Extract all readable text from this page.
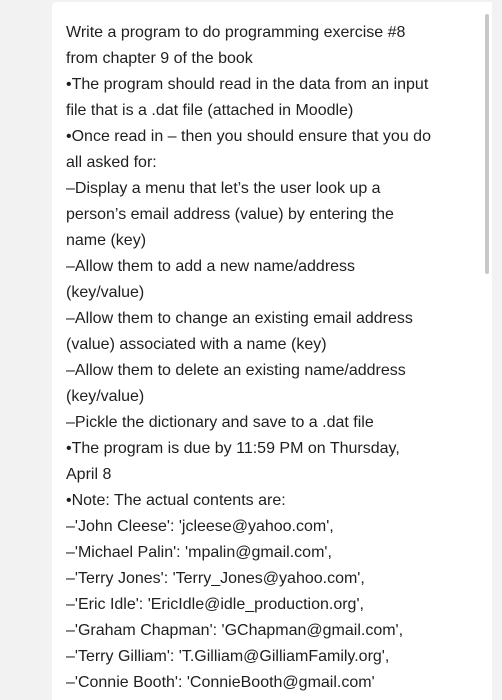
Write a program to do programming exercise #8
from chapter 9 of the book
•The program should read in the data from an input
file that is a .dat file (attached in Moodle)
•Once read in – then you should ensure that you do
all asked for:
–Display a menu that let’s the user look up a
person’s email address (value) by entering the
name (key)
–Allow them to add a new name/address
(key/value)
–Allow them to change an existing email address
(value) associated with a name (key)
–Allow them to delete an existing name/address
(key/value)
–Pickle the dictionary and save to a .dat file
•The program is due by 11:59 PM on Thursday,
April 8
•Note: The actual contents are:
–'John Cleese': 'jcleese@yahoo.com',
–'Michael Palin': 'mpalin@gmail.com',
–'Terry Jones': 'Terry_Jones@yahoo.com',
–'Eric Idle': 'EricIdle@idle_production.org',
–'Graham Chapman': 'GChapman@gmail.com',
–'Terry Gilliam': 'T.Gilliam@GilliamFamily.org',
–'Connie Booth': 'ConnieBooth@gmail.com'
